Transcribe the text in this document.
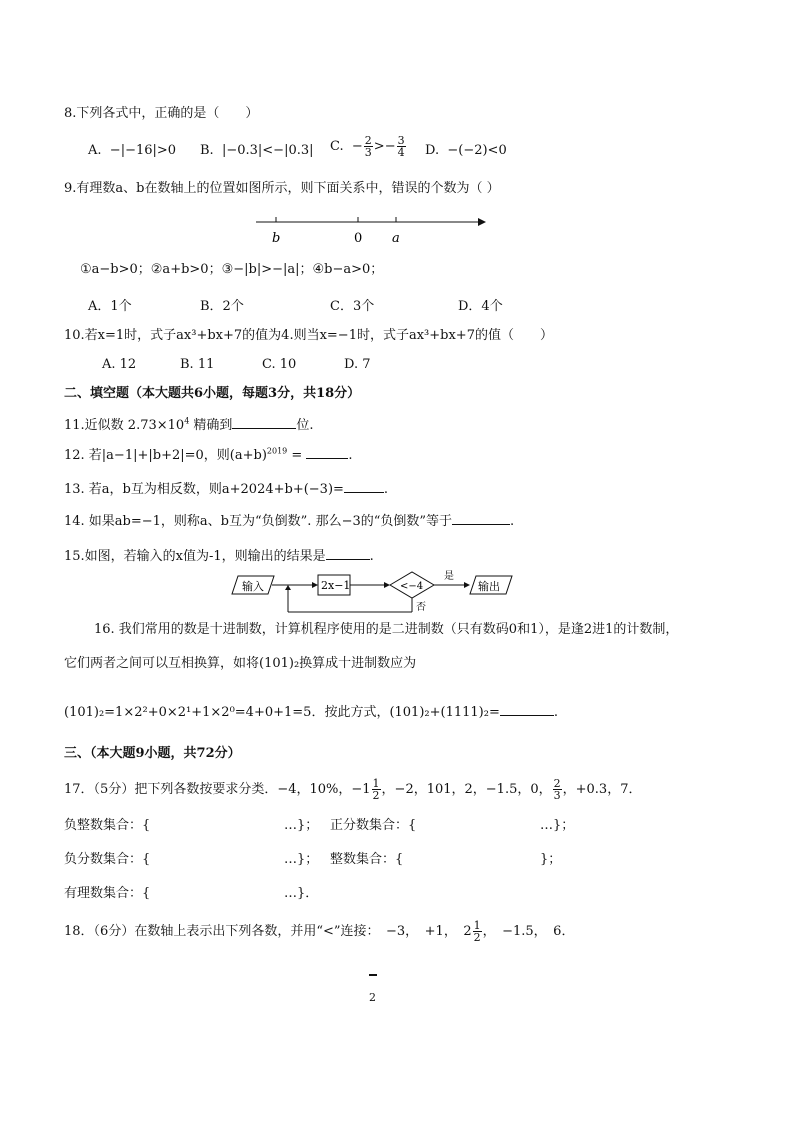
8.下列各式中，正确的是（　　）
A. −|−16|>0 B. |−0.3|<−|0.3| C. − $\frac{2}{3} >- \frac{3}{4} D$. −(−2)<0
9.有理数a、b在数轴上的位置如图所示，则下面关系中，错误的个数为（ ）
b	0 a
①a−b>0；②a+b>0；③−|b|>−|a|；④b−a>0；
A．1个	B．2个	C．3个	D．4个
10.若x=1时，式子ax³+bx+7的值为4.则当x=−1时，式子ax³+bx+7的值（　　）
A. 12	B. 11	C. 10	D. 7
二、填空题（本大题共6小题，每题3分，共18分）
11.近似数 $2.73\times 10^4$ 精确到	位.
12. 若|a−1|+|b+2|=0，则$(a+b)^{2019}$ =	.
13. 若a，b互为相反数，则a+2024+b+(−3)=	.
14. 如果ab=−1，则称a、b互为“负倒数”. 那么−3的“负倒数”等于	.
15.如图，若输入的x值为-1，则输出的结果是	.
输入	2x−1	<−4
是
输出
否
16. 我们常用的数是十进制数，计算机程序使用的是二进制数（只有数码0和1），是逢2进1的计数制，
它们两者之间可以互相换算，如将(101)₂换算成十进制数应为
(101)₂=1×2²+0×2¹+1×2⁰=4+0+1=5．按此方式，(101)₂+(1111)₂=	.
三、（本大题9小题，共72分）
17．（5分）把下列各数按要求分类．−4，10%，$-1 \frac{1}{2}$ ，−2，101，2，−1.5，0， $\frac{2}{3}$ ，+0.3，7．
负整数集合：{	…}； 正分数集合：{	…}；
负分数集合：{	…}； 整数集合：{	}；
有理数集合：{	…}．
18．（6分）在数轴上表示出下列各数，并用“<”连接：　−3，　+1，　$2 \frac{1}{2}$ ，　−1.5，　6．
2
